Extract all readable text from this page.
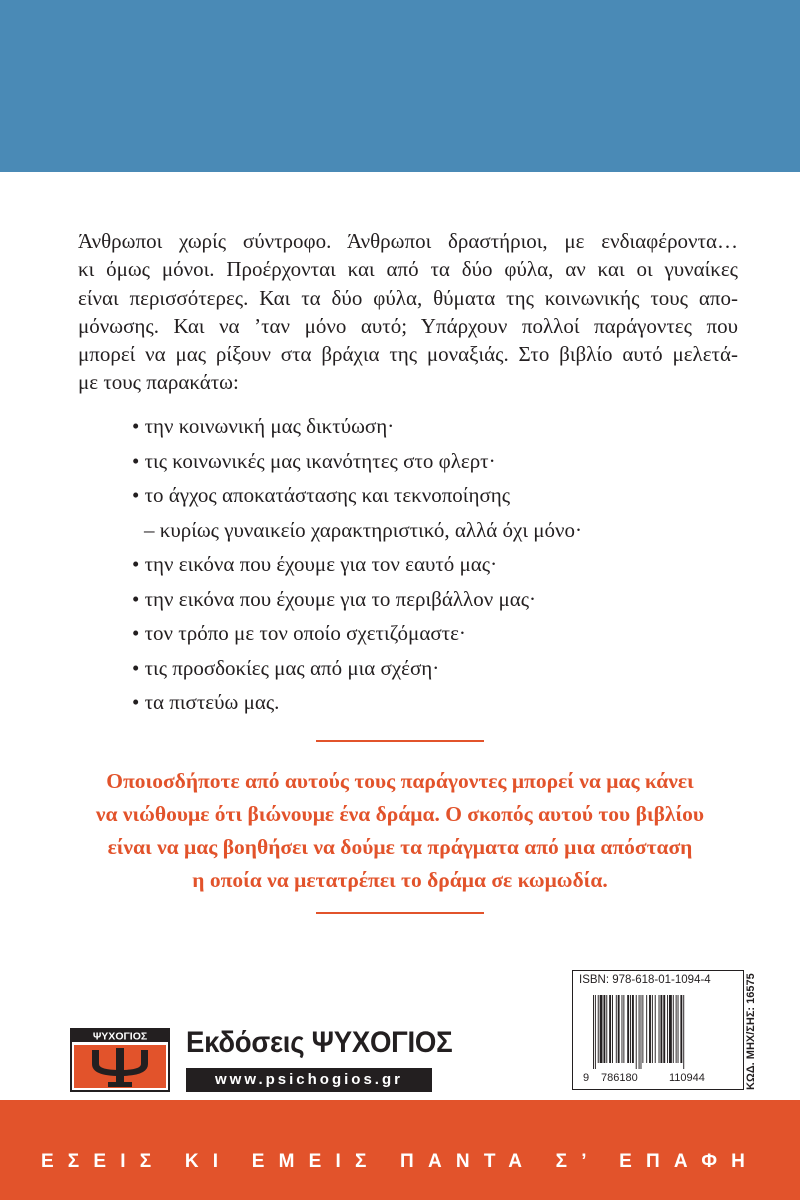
Άνθρωποι χωρίς σύντροφο. Άνθρωποι δραστήριοι, με ενδιαφέροντα…
κι όμως μόνοι. Προέρχονται και από τα δύο φύλα, αν και οι γυναίκες
είναι περισσότερες. Και τα δύο φύλα, θύματα της κοινωνικής τους απο-
μόνωσης. Και να ’ταν μόνο αυτό; Υπάρχουν πολλοί παράγοντες που
μπορεί να μας ρίξουν στα βράχια της μοναξιάς. Στο βιβλίο αυτό μελετά-
με τους παρακάτω:

• την κοινωνική μας δικτύωση·
• τις κοινωνικές μας ικανότητες στο φλερτ·
• το άγχος αποκατάστασης και τεκνοποίησης
– κυρίως γυναικείο χαρακτηριστικό, αλλά όχι μόνο·
• την εικόνα που έχουμε για τον εαυτό μας·
• την εικόνα που έχουμε για το περιβάλλον μας·
• τον τρόπο με τον οποίο σχετιζόμαστε·
• τις προσδοκίες μας από μια σχέση·
• τα πιστεύω μας.

Οποιοσδήποτε από αυτούς τους παράγοντες μπορεί να μας κάνει
να νιώθουμε ότι βιώνουμε ένα δράμα. Ο σκοπός αυτού του βιβλίου
είναι να μας βοηθήσει να δούμε τα πράγματα από μια απόσταση
η οποία να μετατρέπει το δράμα σε κωμωδία.

ISBN: 978-618-01-1094-4
9 786180	110944	ΚΩΔ. ΜΗΧ/ΣΗΣ: 16575
ΨΥΧΟΓΙΟΣ Εκδόσεις ΨΥΧΟΓΙΟΣ

www.psichogios.gr

ΕΣΕΙΣ ΚΙ ΕΜΕΙΣ ΠΑΝΤΑ Σ’ ΕΠΑΦΗ
